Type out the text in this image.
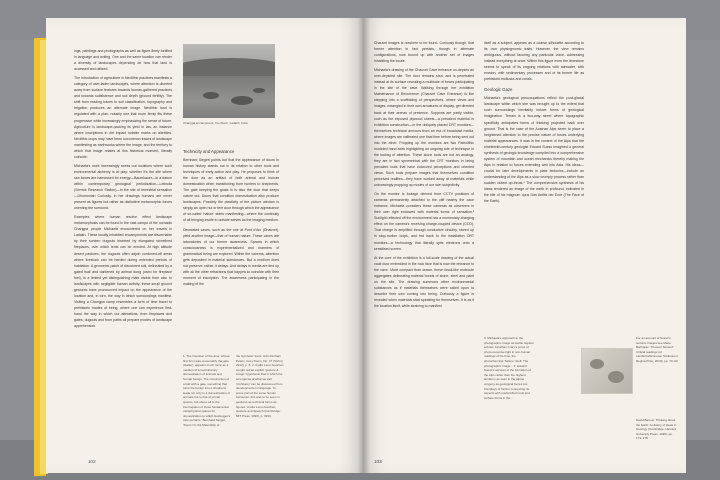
ings, paintings and photographs as well as figure-finely fortified in language and writing. One and the same location can render a diversity of landscapes depending on how that land is accessed and utilized.

The introduction of agriculture in Neolithic practices manifests a category of user-laden landscapes, where attention is diverted away from surface features towards human-gathered practices and towards subsistence and soil depth (ground fertility). The shift from reading traces to soil classification, topography and irrigation produces an alternate image. Neolithic land is regulated with a plan, notably one that more firmly fits these progression while increasingly emphasizing the sense of future. Agriculture is landscape-packing its yield in law, an instance where inscriptions in dirt impact notable marks on alterities. Neolithic crops may have been uncommon traces of landscape manifesting as earthworks where the image, and the territory to which that image relates at this historical moment, literally coincide.

Michaela's work increasingly seeks out locations where such environmental alchemy is at play: whether it's the site where raw forces are harnessed for energy—Baumkauer—in a datum within contemporary geological periodization—Leiboda (Semvik Research Station)—in the site of terrestrial sensation—Dhomonian Curiosity, in her drawings humans are never present as figures but rather as distinctive metamorphic forces orienting the surround.

Examples where human resolve effect landscape metamorphosis can be found in the vast campo of the nomadic Changpa people Michaela encountered on her travels in Ladakh. These locally inhabited encampments are discernable by their sunken dugouts bisected by elongated stonelined fireplaces, over which tents can be erected. At high altitude desert pastures, the dugouts often adjoin cordoned-off areas where livestock can be herded during extended periods of habitation. A geometric patch of discolored soil, delineated by a gated wall and darkened by animal dung (used for fireplace fuel), is a limited yet distinguishing mark visible from afar. In landscapes with negligible human activity, these small ground gestures have pronounced impact on the appearance of the location and, in turn, the way in which surroundings manifest. Visiting a Changpa camp resembles a form of time travel to prehistoric modes of being, where one can experience first-hand the way in which our alterations, from fireplaces and gates, dugouts and from paths all prepare modes of landscape apprehension.

Changpa encampment, Tso Moriri, Ladakh, India
Technicity and Appearance

Bernhard Siegert points out that the appearance of doors in human history stands out in its relation to other tools and techniques of early action and play. He proposes to think of the door as an artifact of both animal and human domestication when transitioning from hunters to shepherds. The gate keeping the goats in is also the door that keeps nature out. Doors that condition domestication also produce landscapes. Possibly the plasticity of the picture window is simply an open hut or tent door through which the appearance of so-called 'nature' starts manifesting—where the continuity of all bringing inside to outside serves as the imaging medium.

Decorated caves, such as the one at Pont d'Arc (Chauvet), yield another image—that of human nature. These caves are laboratories of our former awareness. Spaces in which consciousness is experimentalized and manners of grammatical being are explored. Within the caverns, attention gets deposited in material substances. But a medium does not preserve, rather, it delays. And delays in media are tied up with all the other refractions that happen to coincide with their moment of inscription. The awareness participating in the making of the

1. The invention of the door, whose first form was presumably the gate (Gatter), appears much more as a medium of a revolutionary domestication of animals and human beings. The construction of a fold with a gate, something that turns the hunter into a shepherd, leads not only to a domestication of animals but to that of primal spaces, but above all to the interrogation of those fundamental metaphysical spaces for domestication to which Heidegger's care pertains.' Bernhard Siegert, 'Doors On the Materiality of
the Symbolic' trans. John Durham Peters, Grey Room, No. 47 (Spring 2012), p. 8. 2. André Leroi-Gourhan sought out an explicit 'gesture & image' hypothesis that in which the emergence of what we call 'prehistory' can be discovered from developments in language. To prove part of the same human behaviour, this was to be seen in gestures as technical forms as figures.' André Leroi-Gourhan, Gesture and Speech (Cambridge: MIT Press, 1993), p. 3933.
102

Chauvet images is nowhere to be found. Curiously though, that former attention in fact persists, though in alternate configurations, now bound up with another set of images inhabiting the locale.

Michaela's drawing of the Chauvet Cave entrance un-depicts an over-depicted site. The door remains shut, and is penetrated instead at its surface revealing a multitude of forces participating in the site of the cave. Walking through her exhibition Maintenance of Recurrence (Chauvet Cave Entrance) is like stepping into a scaffolding of perspectives, where views and images, entangled in their own armatures of display, get directed back at their arenas of presence. Supports are partly visible, such as the exposed plywood sheets—a prevalent material in exhibition construction—or the obliquely placed CRT monitors—themselves technical armours from an era of broadcast media, where images are calibrated one final time before being sent out into the ether. Propping up the monitors are two Paleolithic modeled hand axes highlighting an ongoing role of technique in the tooling of attention. These stone tools are not an analogy, they are in fact symmetrical with the CRT monitors in being prevalent tools that have colonized perceptions and oriented views. Such tools prepare images that themselves condition perceived realities—they have worked away at materials while unknowingly propping up modes of our own subjectivity.

On the monitor is footage derived from CCTV positions of cameras permanently attached to the cliff nearby the cave entrance. Michaela considers these cameras as observers in their own right endowed with material forms of sensation.³ Sunlight reflected off the environment has a momentary charging effect on the camera's receiving charge-coupled device (CCD). That charge is amplified through conductive circuitry, stored up in stop-motion loops, and fed back to the installation CRT monitors—a technology that literally spits electrons onto a sensitised screen.

At the core of the exhibition is a full-scale drawing of the actual vault door embedded in the rock face that is now the entrance to the cave. More compact than drawn, these fossil-like molecule aggregates delineating material bonds of stone, steel and paint on the site. The drawing summons other environmental substances as if materials themselves were called upon to describe their own coming into being. Curiously a figure is revealed when materials start speaking for themselves. It is as if the location itself, while straining to manifest

itself as a subject, appears as a coarse silhouette according to its own physiognomic traits. However, the view remains ambiguous, without favoring any particular voice, addressing instead everything at once. Within this figure even the limestone seems to speak of its ongoing relations with rainwater, with erosion, with sedimentary processes and of its former life as prehistoric mollusks and corals.

Geologic Gaze

Michaela's geological preoccupations reflect the post-glacial landscape within which she was brought up to the extent that such surroundings inevitably induce forms of geological imagination. Terrain is a two-way street where topographic specificity anticipates forms of thinking projected back over ground. That is the case of the Austrian Alps seem to place a heightened attention to the precise nature of forces underlying material appearances. It was in the context of the Alps that the nineteenth-century geologist Eduard Suess imagined a general synthesis of geologic knowledge compiled into a comprehensive system of mountain and ocean mechanics thereby making the Alps in relation to forces extending well into Asia. His ideas—crucial for later developments in plate tectonics—include an understanding of the Alps as a slow crumply process rather than sudden violent up-thrust.⁴ The comprehensive synthesis of his ideas rendered an image of the earth in profound, indicated in the title of his magnum opus Das Antlitz der Erde (The Face of the Earth).

3. Michaela's approach to the photographic image as tactile register echoes Jonathan Crary's prose of photo-receptive light in non-human readings of his time, the photochemical 'Nature' itself. The photographic image... 4. Eduard Suess's account of the formation of the Alps rather than the highest landform as seen in the Alpine orogeny as geological forces are interplays of friction connecting its aspects with unidentified tools and surface forms in the...
For an account of Suess's tectonic images see Marie Bacharac: "Present Sensed" Critical readings (of Landschaftsinneren Strukturen), Regina Pinto, 2010), pp. 70–90.
David Baroux, Thinking about the Earth: A History of Ideas in Geology (Cambridge: Harvard University Press, 1996), pp. 173–178.
103
